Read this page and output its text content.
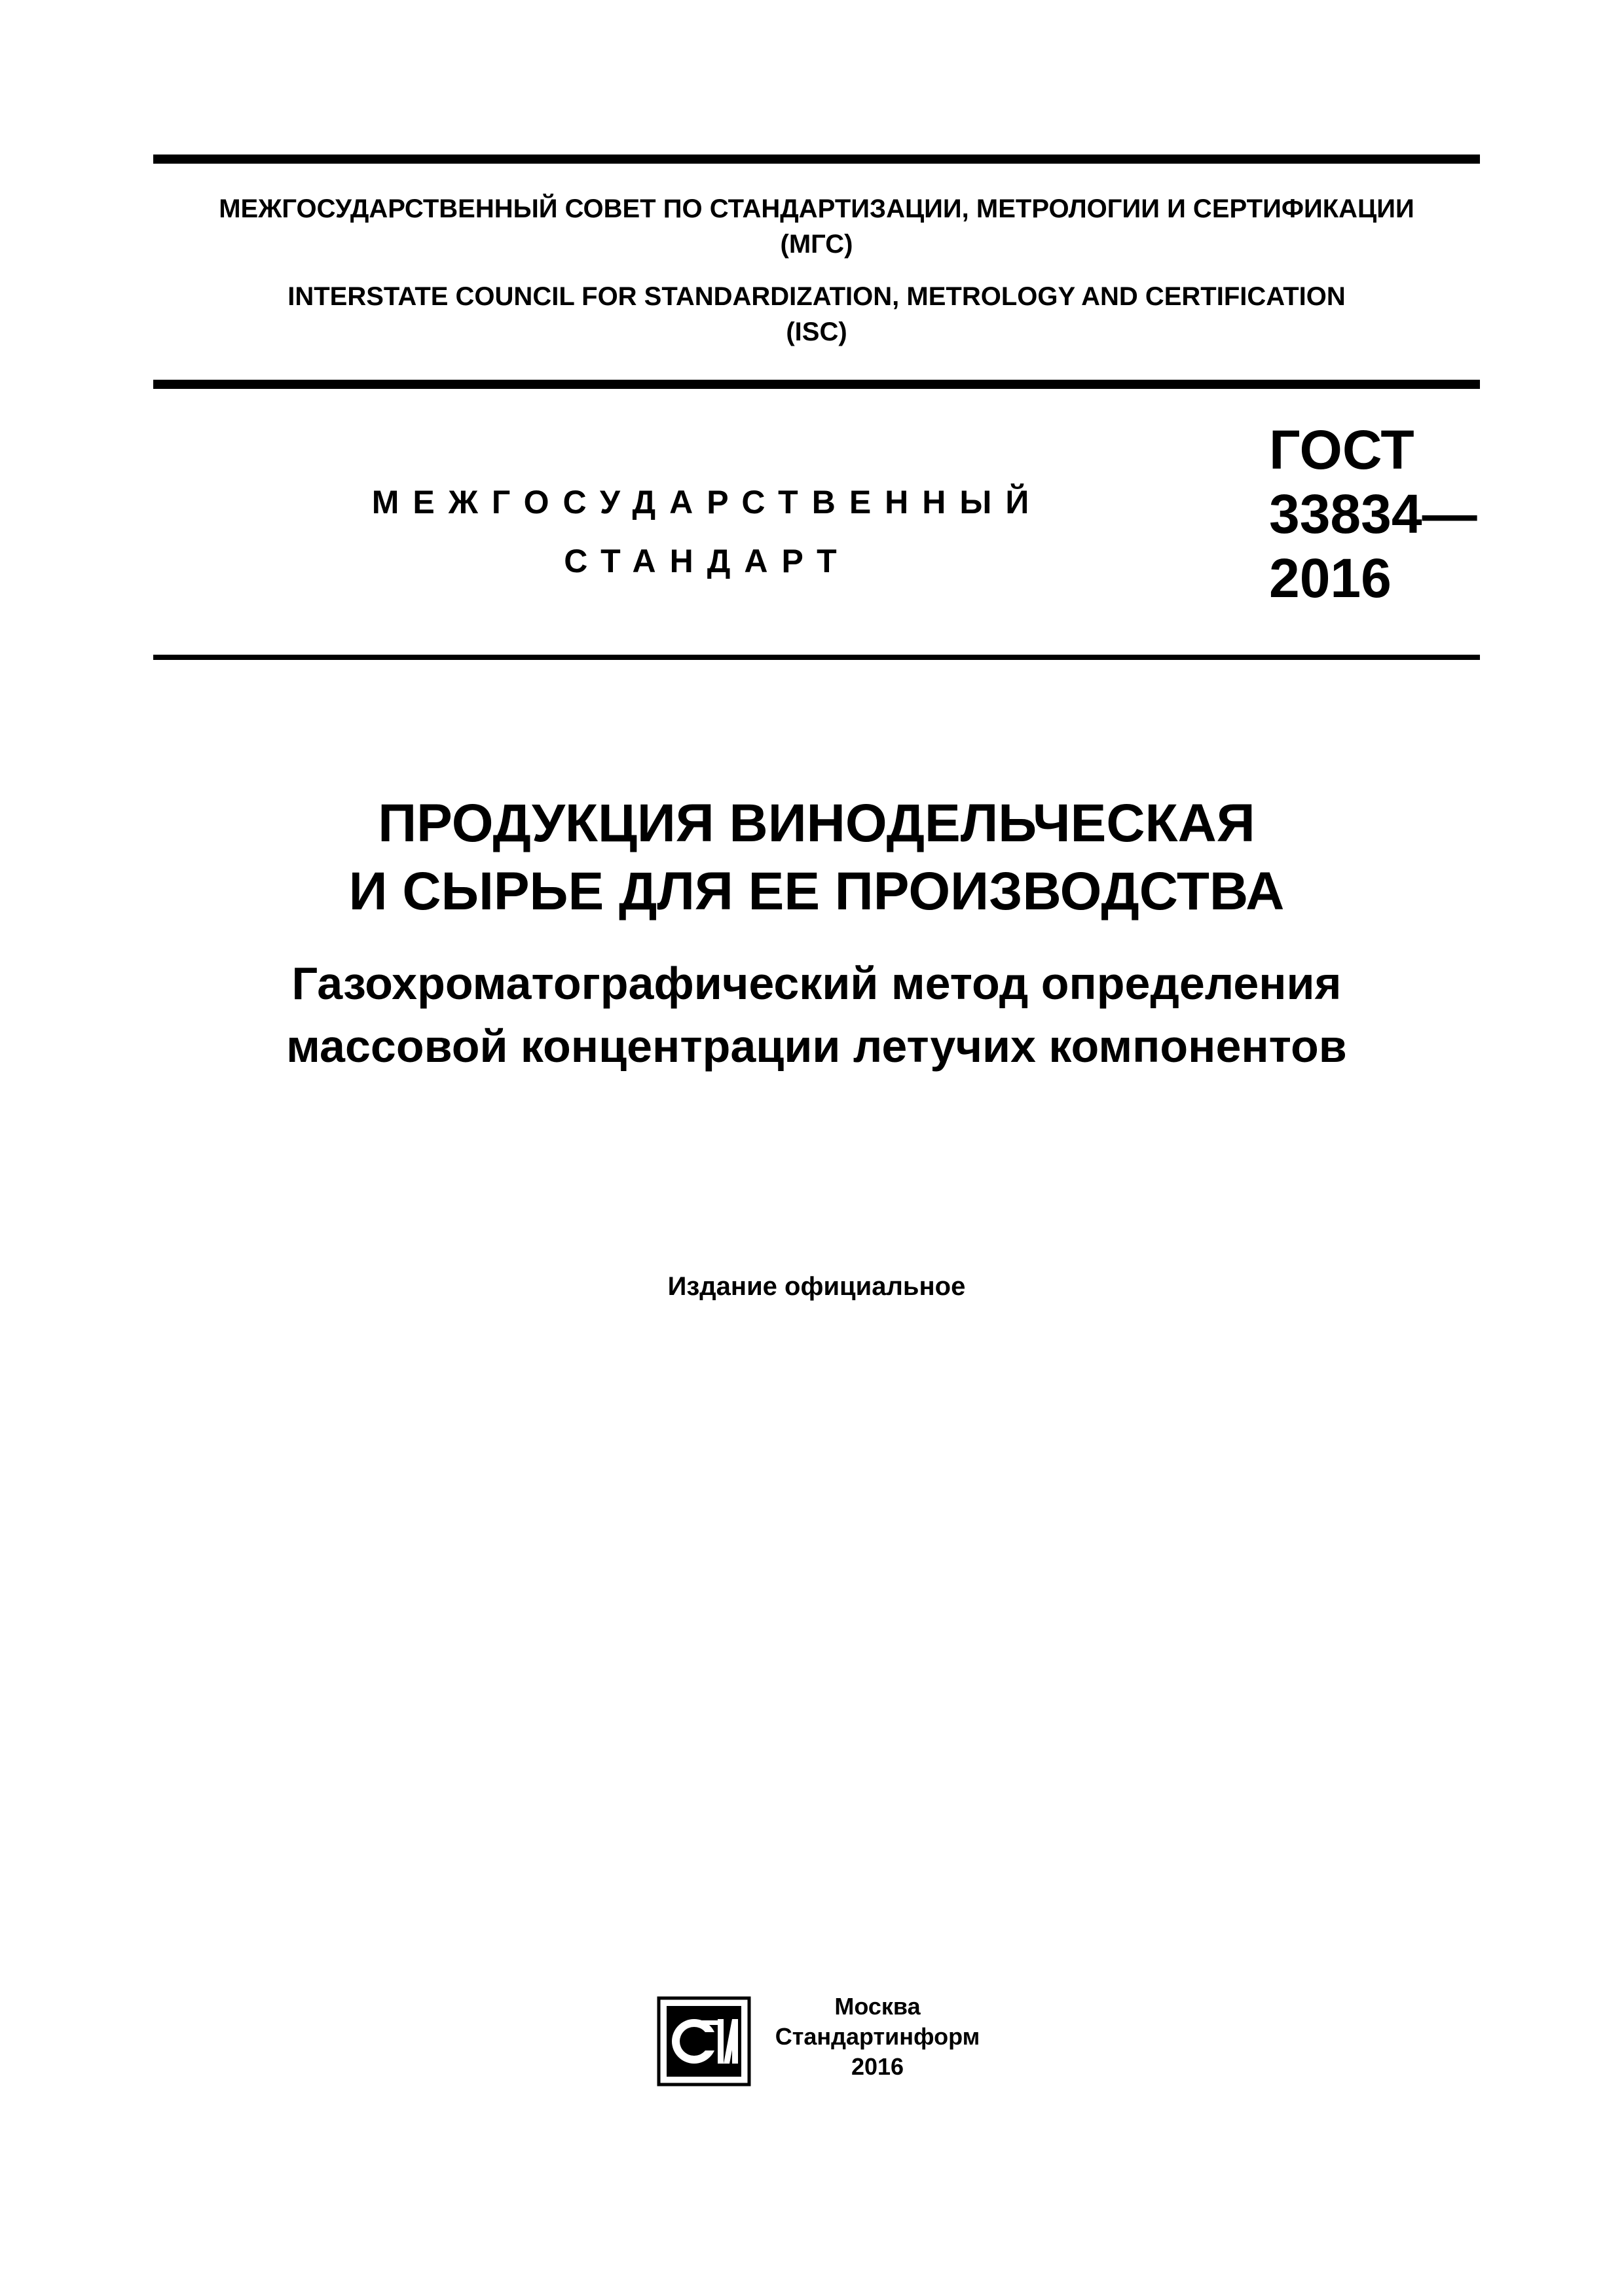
МЕЖГОСУДАРСТВЕННЫЙ СОВЕТ ПО СТАНДАРТИЗАЦИИ, МЕТРОЛОГИИ И СЕРТИФИКАЦИИ
(МГС)
INTERSTATE COUNCIL FOR STANDARDIZATION, METROLOGY AND CERTIFICATION
(ISC)
МЕЖГОСУДАРСТВЕННЫЙ
СТАНДАРТ
ГОСТ
33834—
2016
ПРОДУКЦИЯ ВИНОДЕЛЬЧЕСКАЯ
И СЫРЬЕ ДЛЯ ЕЕ ПРОИЗВОДСТВА
Газохроматографический метод определения
массовой концентрации летучих компонентов
Издание официальное
Москва
Стандартинформ
2016
